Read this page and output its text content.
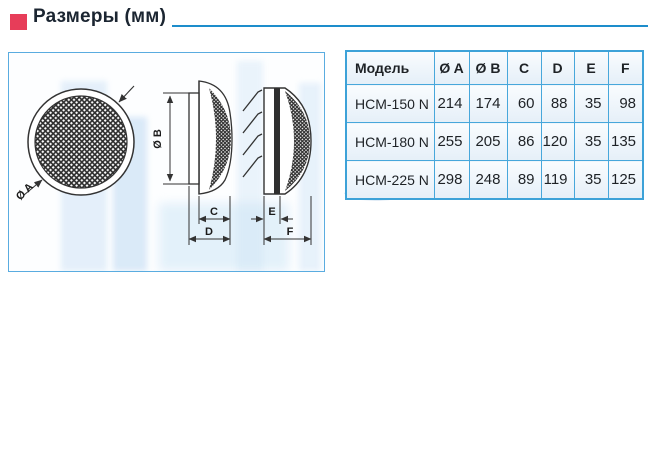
Размеры (мм)
Ø A
Ø B
C
D
E
F
Модель	Ø A	Ø B	C	D	E	F
HCM-150 N	214	174	60	88	35	98
HCM-180 N	255	205	86	120	35	135
HCM-225 N	298	248	89	119	35	125
